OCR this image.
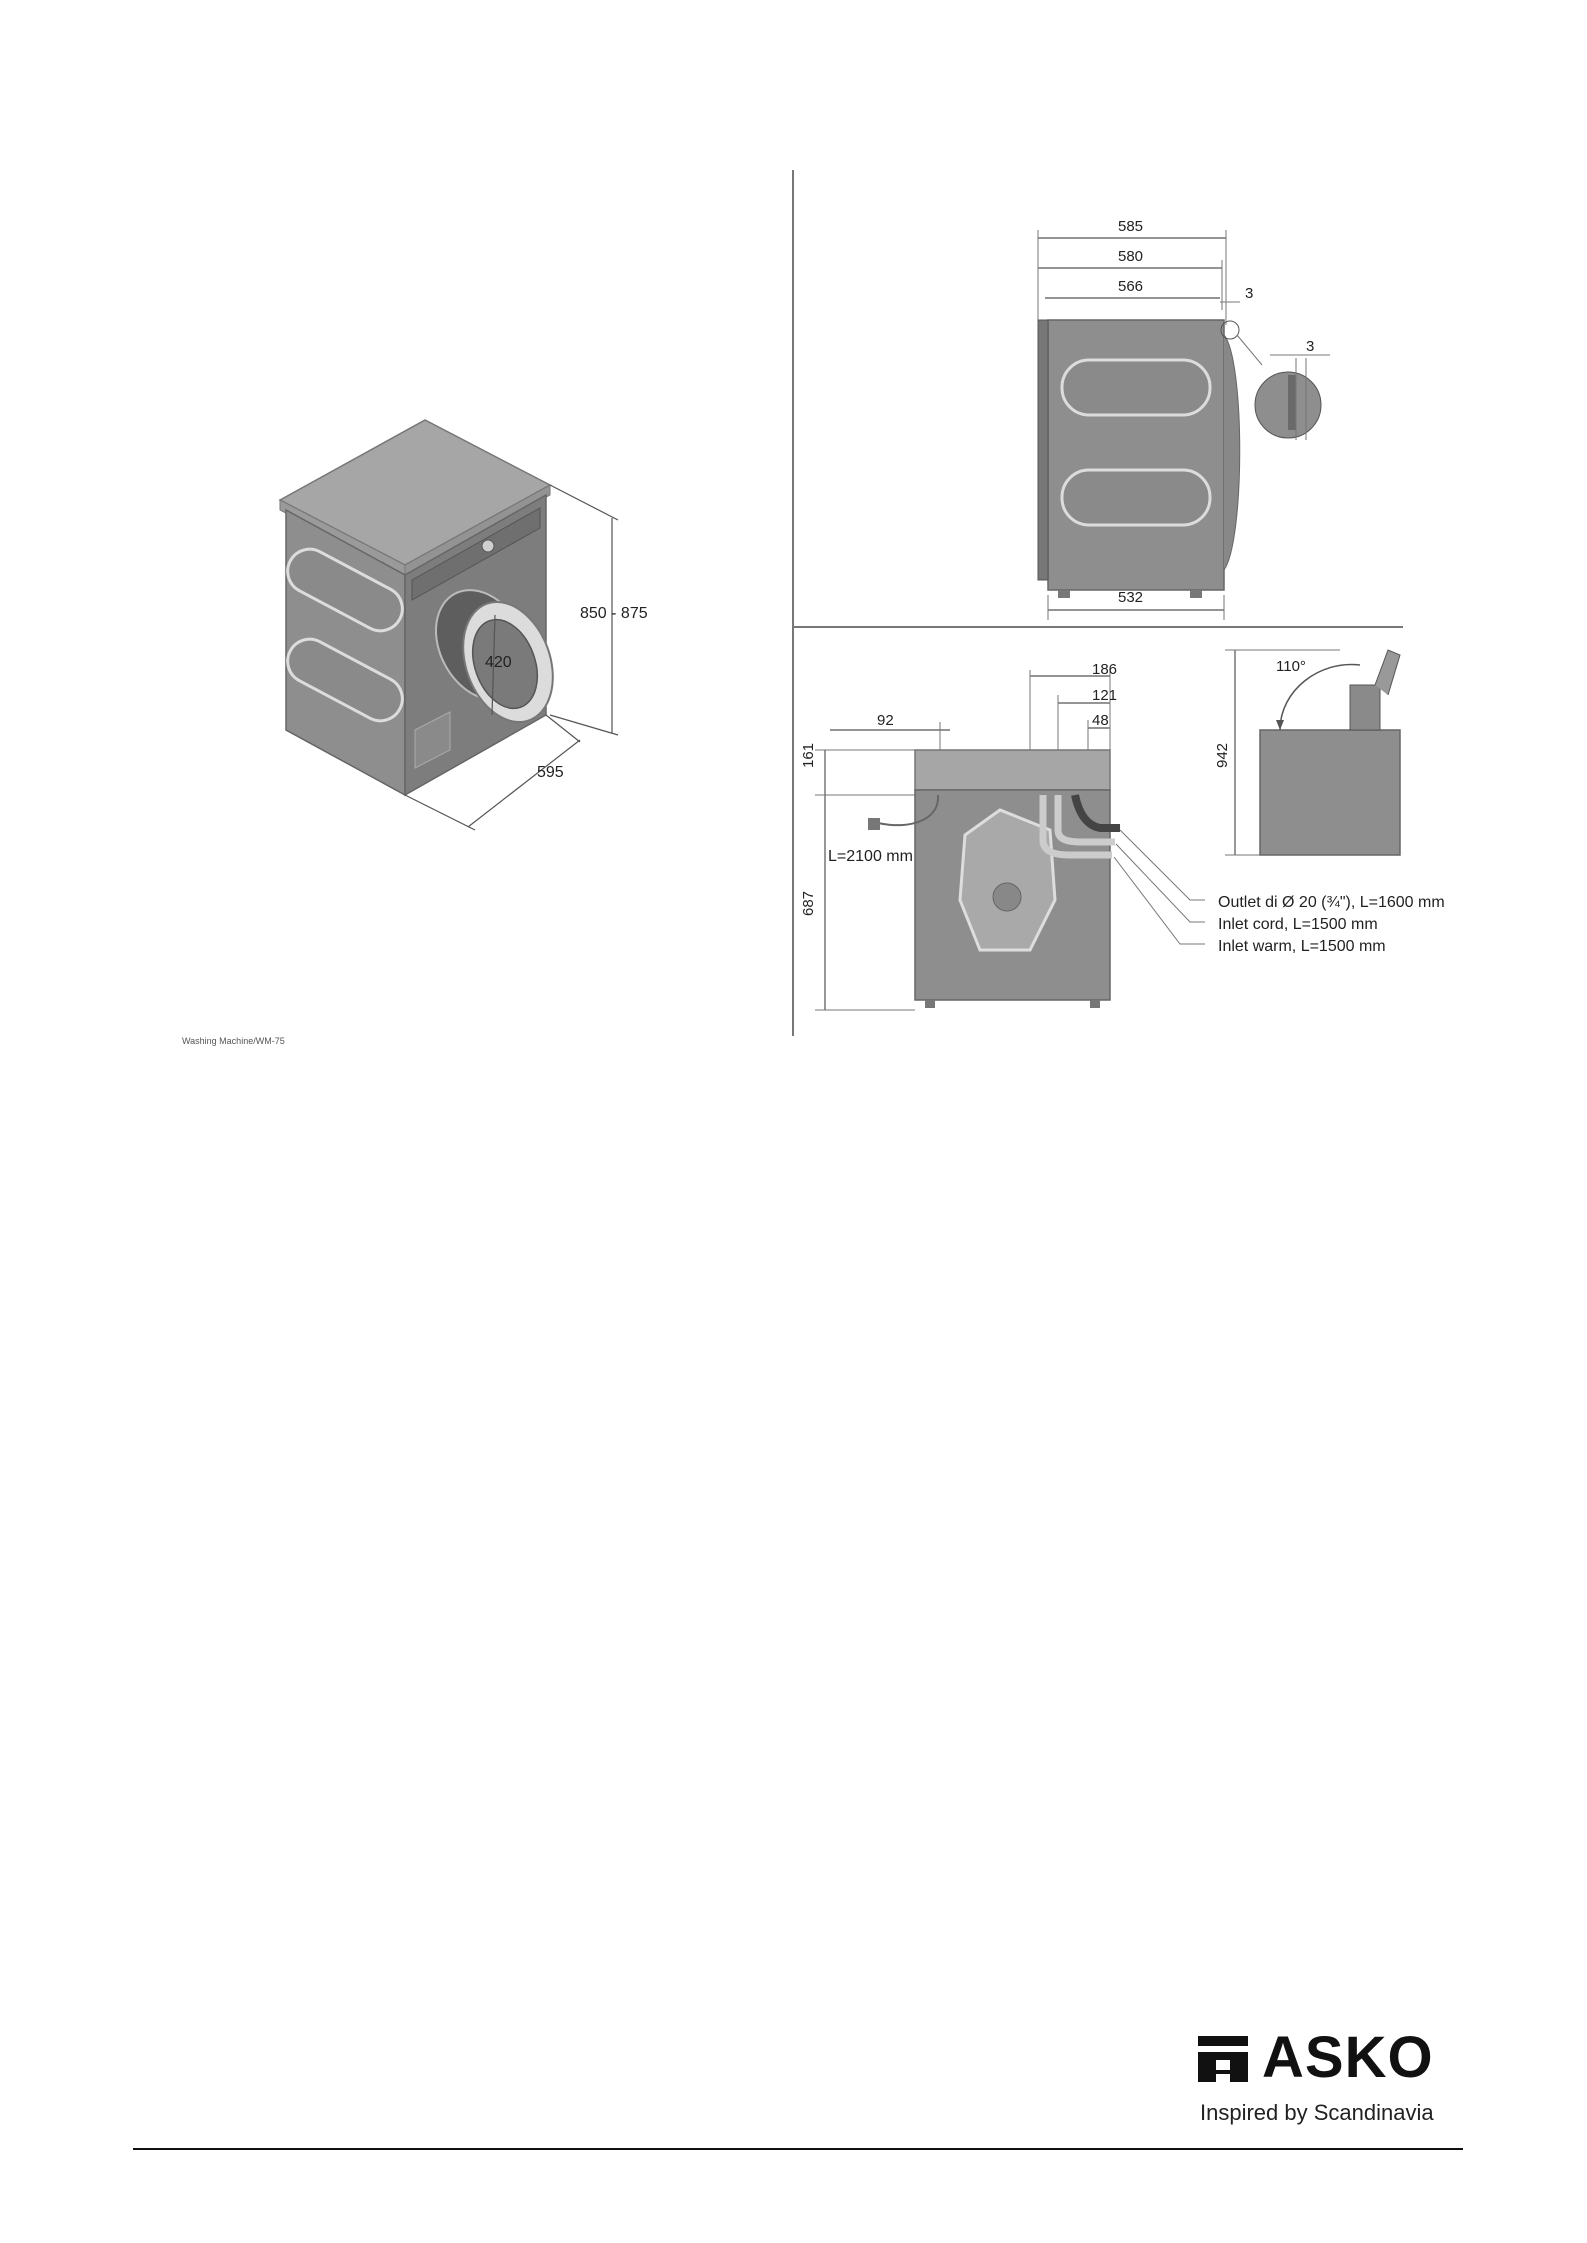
850 - 875
420
595
585
580
566	3
3
532
186
121
48
92
161
687
L=2100 mm
Outlet di Ø 20 (¾"), L=1600 mm
Inlet cord, L=1500 mm
Inlet warm, L=1500 mm
110°
942
Washing Machine/WM-75
ASKO
Inspired by Scandinavia
